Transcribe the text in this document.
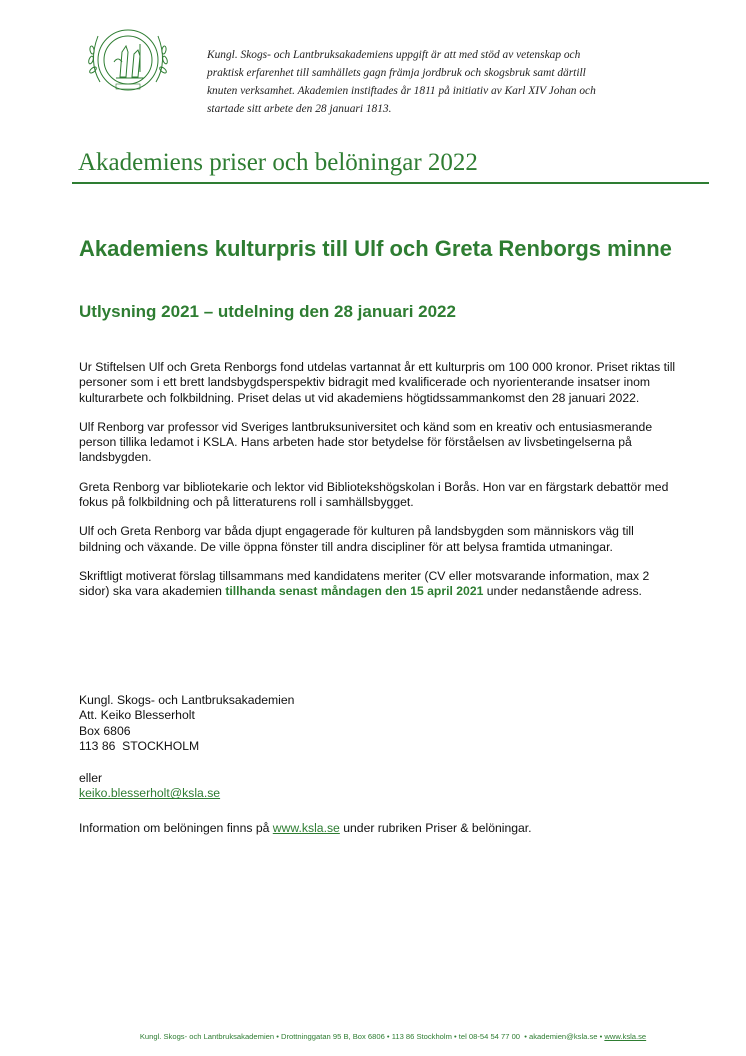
Kungl. Skogs- och Lantbruksakademiens uppgift är att med stöd av vetenskap och

praktisk erfarenhet till samhällets gagn främja jordbruk och skogsbruk samt därtill

knuten verksamhet. Akademien instiftades år 1811 på initiativ av Karl XIV Johan och

startade sitt arbete den 28 januari 1813.

Akademiens priser och belöningar 2022
Akademiens kulturpris till Ulf och Greta Renborgs minne
Utlysning 2021 – utdelning den 28 januari 2022

Ur Stiftelsen Ulf och Greta Renborgs fond utdelas vartannat år ett kulturpris om 100 000 kronor. Priset riktas till personer som i ett brett landsbygdsperspektiv bidragit med kvalificerade och nyorienterande insatser inom kulturarbete och folkbildning. Priset delas ut vid akademiens högtidssammankomst den 28 januari 2022.

Ulf Renborg var professor vid Sveriges lantbruksuniversitet och känd som en kreativ och entusiasmerande person tillika ledamot i KSLA. Hans arbeten hade stor betydelse för förståelsen av livsbetingelserna på landsbygden.

Greta Renborg var bibliotekarie och lektor vid Bibliotekshögskolan i Borås. Hon var en färgstark debattör med fokus på folkbildning och på litteraturens roll i samhällsbygget.

Ulf och Greta Renborg var båda djupt engagerade för kulturen på landsbygden som människors väg till bildning och växande. De ville öppna fönster till andra discipliner för att belysa framtida utmaningar.

Skriftligt motiverat förslag tillsammans med kandidatens meriter (CV eller motsvarande information, max 2 sidor) ska vara akademien tillhanda senast måndagen den 15 april 2021 under nedanstående adress.

Kungl. Skogs- och Lantbruksakademien
Att. Keiko Blesserholt
Box 6806
113 86  STOCKHOLM
eller
keiko.blesserholt@ksla.se
Information om belöningen finns på www.ksla.se under rubriken Priser & belöningar.
Kungl. Skogs- och Lantbruksakademien • Drottninggatan 95 B, Box 6806 • 113 86 Stockholm • tel 08-54 54 77 00  • akademien@ksla.se • www.ksla.se
